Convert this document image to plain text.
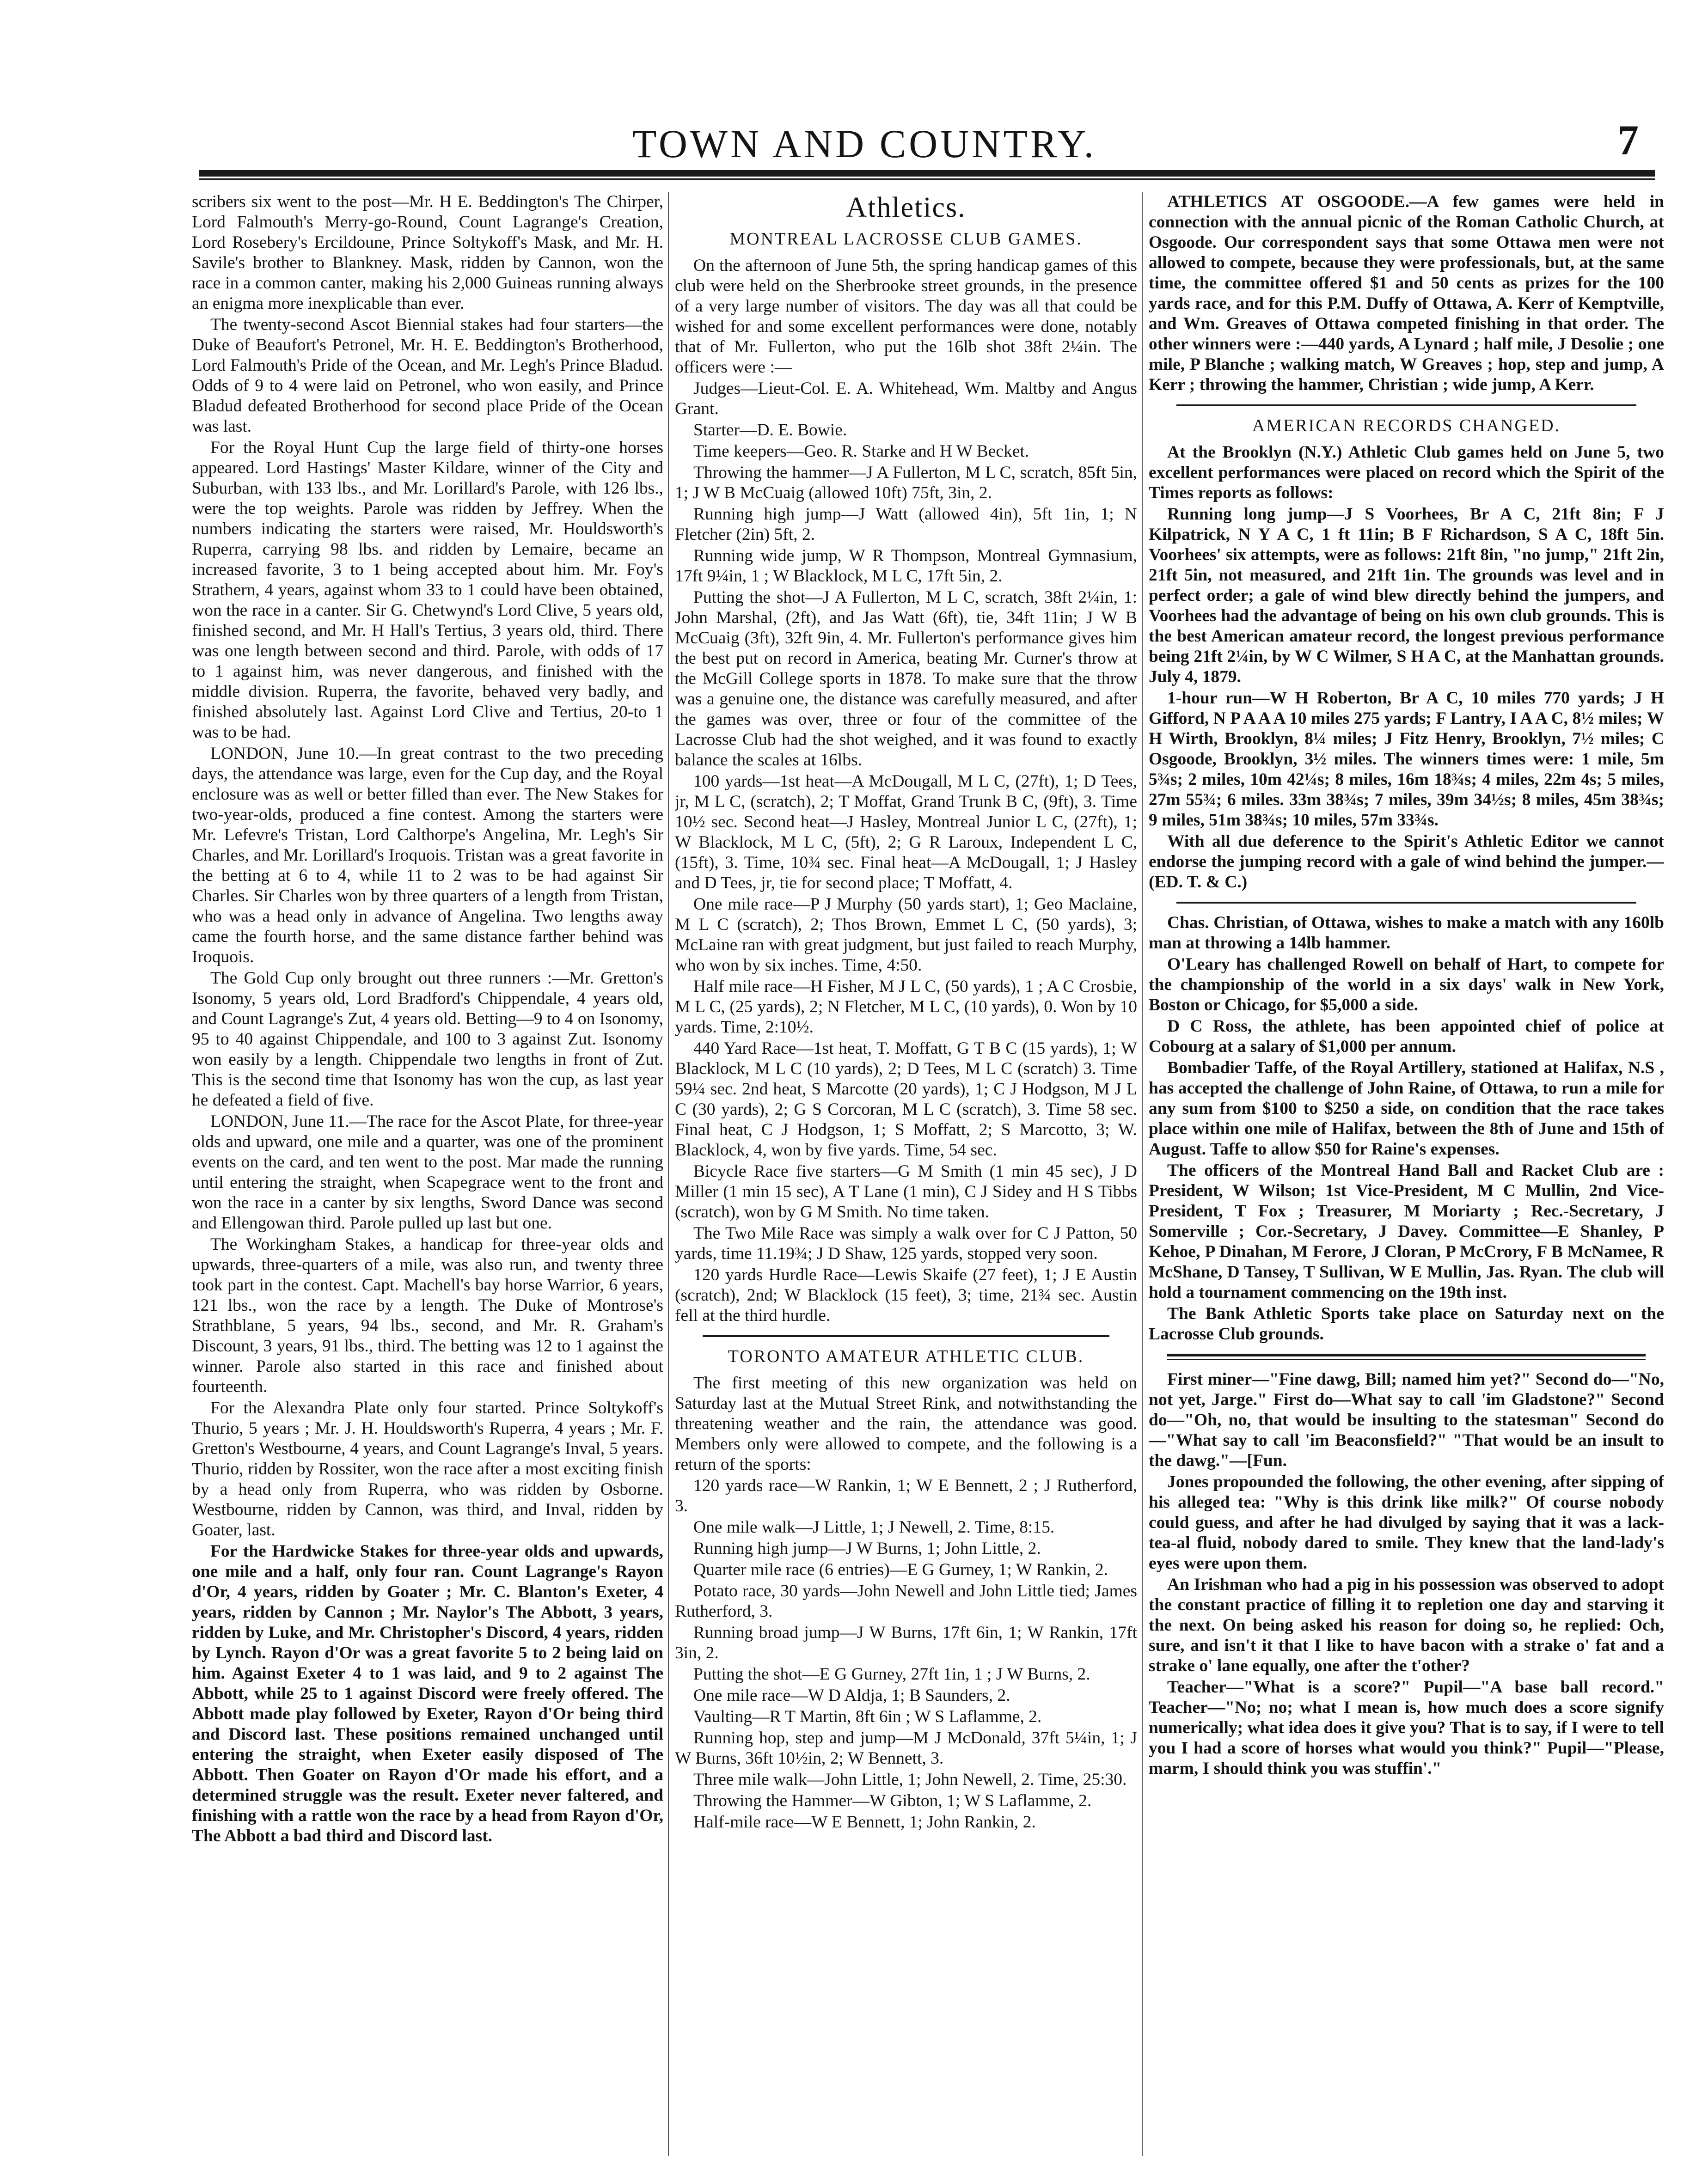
TOWN AND COUNTRY.	7

scribers six went to the post—Mr. H E. Beddington's The Chirper, Lord Falmouth's Merry-go-Round, Count Lagrange's Creation, Lord Rosebery's Ercildoune, Prince Soltykoff's Mask, and Mr. H. Savile's brother to Blankney. Mask, ridden by Cannon, won the race in a common canter, making his 2,000 Guineas running always an enigma more inexplicable than ever.

The twenty-second Ascot Biennial stakes had four starters—the Duke of Beaufort's Petronel, Mr. H. E. Beddington's Brotherhood, Lord Falmouth's Pride of the Ocean, and Mr. Legh's Prince Bladud. Odds of 9 to 4 were laid on Petronel, who won easily, and Prince Bladud defeated Brotherhood for second place Pride of the Ocean was last.

For the Royal Hunt Cup the large field of thirty-one horses appeared. Lord Hastings' Master Kildare, winner of the City and Suburban, with 133 lbs., and Mr. Lorillard's Parole, with 126 lbs., were the top weights. Parole was ridden by Jeffrey. When the numbers indicating the starters were raised, Mr. Houldsworth's Ruperra, carrying 98 lbs. and ridden by Lemaire, became an increased favorite, 3 to 1 being accepted about him. Mr. Foy's Strathern, 4 years, against whom 33 to 1 could have been obtained, won the race in a canter. Sir G. Chetwynd's Lord Clive, 5 years old, finished second, and Mr. H Hall's Tertius, 3 years old, third. There was one length between second and third. Parole, with odds of 17 to 1 against him, was never dangerous, and finished with the middle division. Ruperra, the favorite, behaved very badly, and finished absolutely last. Against Lord Clive and Tertius, 20-to 1 was to be had.

LONDON, June 10.—In great contrast to the two preceding days, the attendance was large, even for the Cup day, and the Royal enclosure was as well or better filled than ever. The New Stakes for two-year-olds, produced a fine contest. Among the starters were Mr. Lefevre's Tristan, Lord Calthorpe's Angelina, Mr. Legh's Sir Charles, and Mr. Lorillard's Iroquois. Tristan was a great favorite in the betting at 6 to 4, while 11 to 2 was to be had against Sir Charles. Sir Charles won by three quarters of a length from Tristan, who was a head only in advance of Angelina. Two lengths away came the fourth horse, and the same distance farther behind was Iroquois.

The Gold Cup only brought out three runners :—Mr. Gretton's Isonomy, 5 years old, Lord Bradford's Chippendale, 4 years old, and Count Lagrange's Zut, 4 years old. Betting—9 to 4 on Isonomy, 95 to 40 against Chippendale, and 100 to 3 against Zut. Isonomy won easily by a length. Chippendale two lengths in front of Zut. This is the second time that Isonomy has won the cup, as last year he defeated a field of five.

LONDON, June 11.—The race for the Ascot Plate, for three-year olds and upward, one mile and a quarter, was one of the prominent events on the card, and ten went to the post. Mar made the running until entering the straight, when Scapegrace went to the front and won the race in a canter by six lengths, Sword Dance was second and Ellengowan third. Parole pulled up last but one.

The Workingham Stakes, a handicap for three-year olds and upwards, three-quarters of a mile, was also run, and twenty three took part in the contest. Capt. Machell's bay horse Warrior, 6 years, 121 lbs., won the race by a length. The Duke of Montrose's Strathblane, 5 years, 94 lbs., second, and Mr. R. Graham's Discount, 3 years, 91 lbs., third. The betting was 12 to 1 against the winner. Parole also started in this race and finished about fourteenth.

For the Alexandra Plate only four started. Prince Soltykoff's Thurio, 5 years ; Mr. J. H. Houldsworth's Ruperra, 4 years ; Mr. F. Gretton's Westbourne, 4 years, and Count Lagrange's Inval, 5 years. Thurio, ridden by Rossiter, won the race after a most exciting finish by a head only from Ruperra, who was ridden by Osborne. Westbourne, ridden by Cannon, was third, and Inval, ridden by Goater, last.

For the Hardwicke Stakes for three-year olds and upwards, one mile and a half, only four ran. Count Lagrange's Rayon d'Or, 4 years, ridden by Goater ; Mr. C. Blanton's Exeter, 4 years, ridden by Cannon ; Mr. Naylor's The Abbott, 3 years, ridden by Luke, and Mr. Christopher's Discord, 4 years, ridden by Lynch. Rayon d'Or was a great favorite 5 to 2 being laid on him. Against Exeter 4 to 1 was laid, and 9 to 2 against The Abbott, while 25 to 1 against Discord were freely offered. The Abbott made play followed by Exeter, Rayon d'Or being third and Discord last. These positions remained unchanged until entering the straight, when Exeter easily disposed of The Abbott. Then Goater on Rayon d'Or made his effort, and a determined struggle was the result. Exeter never faltered, and finishing with a rattle won the race by a head from Rayon d'Or, The Abbott a bad third and Discord last.

Athletics.
MONTREAL LACROSSE CLUB GAMES.

On the afternoon of June 5th, the spring handicap games of this club were held on the Sherbrooke street grounds, in the presence of a very large number of visitors. The day was all that could be wished for and some excellent performances were done, notably that of Mr. Fullerton, who put the 16lb shot 38ft 2¼in. The officers were :—

Judges—Lieut-Col. E. A. Whitehead, Wm. Maltby and Angus Grant.

Starter—D. E. Bowie.

Time keepers—Geo. R. Starke and H W Becket.

Throwing the hammer—J A Fullerton, M L C, scratch, 85ft 5in, 1; J W B McCuaig (allowed 10ft) 75ft, 3in, 2.

Running high jump—J Watt (allowed 4in), 5ft 1in, 1; N Fletcher (2in) 5ft, 2.

Running wide jump, W R Thompson, Montreal Gymnasium, 17ft 9¼in, 1 ; W Blacklock, M L C, 17ft 5in, 2.

Putting the shot—J A Fullerton, M L C, scratch, 38ft 2¼in, 1: John Marshal, (2ft), and Jas Watt (6ft), tie, 34ft 11in; J W B McCuaig (3ft), 32ft 9in, 4. Mr. Fullerton's performance gives him the best put on record in America, beating Mr. Curner's throw at the McGill College sports in 1878. To make sure that the throw was a genuine one, the distance was carefully measured, and after the games was over, three or four of the committee of the Lacrosse Club had the shot weighed, and it was found to exactly balance the scales at 16lbs.

100 yards—1st heat—A McDougall, M L C, (27ft), 1; D Tees, jr, M L C, (scratch), 2; T Moffat, Grand Trunk B C, (9ft), 3. Time 10½ sec. Second heat—J Hasley, Montreal Junior L C, (27ft), 1; W Blacklock, M L C, (5ft), 2; G R Laroux, Independent L C, (15ft), 3. Time, 10¾ sec. Final heat—A McDougall, 1; J Hasley and D Tees, jr, tie for second place; T Moffatt, 4.

One mile race—P J Murphy (50 yards start), 1; Geo Maclaine, M L C (scratch), 2; Thos Brown, Emmet L C, (50 yards), 3; McLaine ran with great judgment, but just failed to reach Murphy, who won by six inches. Time, 4:50.

Half mile race—H Fisher, M J L C, (50 yards), 1 ; A C Crosbie, M L C, (25 yards), 2; N Fletcher, M L C, (10 yards), 0. Won by 10 yards. Time, 2:10½.

440 Yard Race—1st heat, T. Moffatt, G T B C (15 yards), 1; W Blacklock, M L C (10 yards), 2; D Tees, M L C (scratch) 3. Time 59¼ sec. 2nd heat, S Marcotte (20 yards), 1; C J Hodgson, M J L C (30 yards), 2; G S Corcoran, M L C (scratch), 3. Time 58 sec. Final heat, C J Hodgson, 1; S Moffatt, 2; S Marcotto, 3; W. Blacklock, 4, won by five yards. Time, 54 sec.

Bicycle Race five starters—G M Smith (1 min 45 sec), J D Miller (1 min 15 sec), A T Lane (1 min), C J Sidey and H S Tibbs (scratch), won by G M Smith. No time taken.

The Two Mile Race was simply a walk over for C J Patton, 50 yards, time 11.19¾; J D Shaw, 125 yards, stopped very soon.

120 yards Hurdle Race—Lewis Skaife (27 feet), 1; J E Austin (scratch), 2nd; W Blacklock (15 feet), 3; time, 21¾ sec. Austin fell at the third hurdle.

TORONTO AMATEUR ATHLETIC CLUB.

The first meeting of this new organization was held on Saturday last at the Mutual Street Rink, and notwithstanding the threatening weather and the rain, the attendance was good. Members only were allowed to compete, and the following is a return of the sports:

120 yards race—W Rankin, 1; W E Bennett, 2 ; J Rutherford, 3.

One mile walk—J Little, 1; J Newell, 2. Time, 8:15.

Running high jump—J W Burns, 1; John Little, 2.

Quarter mile race (6 entries)—E G Gurney, 1; W Rankin, 2.

Potato race, 30 yards—John Newell and John Little tied; James Rutherford, 3.

Running broad jump—J W Burns, 17ft 6in, 1; W Rankin, 17ft 3in, 2.

Putting the shot—E G Gurney, 27ft 1in, 1 ; J W Burns, 2.

One mile race—W D Aldja, 1; B Saunders, 2.

Vaulting—R T Martin, 8ft 6in ; W S Laflamme, 2.

Running hop, step and jump—M J McDonald, 37ft 5¼in, 1; J W Burns, 36ft 10½in, 2; W Bennett, 3.

Three mile walk—John Little, 1; John Newell, 2. Time, 25:30.

Throwing the Hammer—W Gibton, 1; W S Laflamme, 2.

Half-mile race—W E Bennett, 1; John Rankin, 2.

ATHLETICS AT OSGOODE.—A few games were held in connection with the annual picnic of the Roman Catholic Church, at Osgoode. Our correspondent says that some Ottawa men were not allowed to compete, because they were professionals, but, at the same time, the committee offered $1 and 50 cents as prizes for the 100 yards race, and for this P.M. Duffy of Ottawa, A. Kerr of Kemptville, and Wm. Greaves of Ottawa competed finishing in that order. The other winners were :—440 yards, A Lynard ; half mile, J Desolie ; one mile, P Blanche ; walking match, W Greaves ; hop, step and jump, A Kerr ; throwing the hammer, Christian ; wide jump, A Kerr.

AMERICAN RECORDS CHANGED.

At the Brooklyn (N.Y.) Athletic Club games held on June 5, two excellent performances were placed on record which the Spirit of the Times reports as follows:

Running long jump—J S Voorhees, Br A C, 21ft 8in; F J Kilpatrick, N Y A C, 1 ft 11in; B F Richardson, S A C, 18ft 5in. Voorhees' six attempts, were as follows: 21ft 8in, "no jump," 21ft 2in, 21ft 5in, not measured, and 21ft 1in. The grounds was level and in perfect order; a gale of wind blew directly behind the jumpers, and Voorhees had the advantage of being on his own club grounds. This is the best American amateur record, the longest previous performance being 21ft 2¼in, by W C Wilmer, S H A C, at the Manhattan grounds. July 4, 1879.

1-hour run—W H Roberton, Br A C, 10 miles 770 yards; J H Gifford, N P A A A 10 miles 275 yards; F Lantry, I A A C, 8½ miles; W H Wirth, Brooklyn, 8¼ miles; J Fitz Henry, Brooklyn, 7½ miles; C Osgoode, Brooklyn, 3½ miles. The winners times were: 1 mile, 5m 5¾s; 2 miles, 10m 42¼s; 8 miles, 16m 18¾s; 4 miles, 22m 4s; 5 miles, 27m 55¾; 6 miles. 33m 38¾s; 7 miles, 39m 34½s; 8 miles, 45m 38¾s; 9 miles, 51m 38¾s; 10 miles, 57m 33¾s.

With all due deference to the Spirit's Athletic Editor we cannot endorse the jumping record with a gale of wind behind the jumper.—(ED. T. & C.)

Chas. Christian, of Ottawa, wishes to make a match with any 160lb man at throwing a 14lb hammer.

O'Leary has challenged Rowell on behalf of Hart, to compete for the championship of the world in a six days' walk in New York, Boston or Chicago, for $5,000 a side.

D C Ross, the athlete, has been appointed chief of police at Cobourg at a salary of $1,000 per annum.

Bombadier Taffe, of the Royal Artillery, stationed at Halifax, N.S , has accepted the challenge of John Raine, of Ottawa, to run a mile for any sum from $100 to $250 a side, on condition that the race takes place within one mile of Halifax, between the 8th of June and 15th of August. Taffe to allow $50 for Raine's expenses.

The officers of the Montreal Hand Ball and Racket Club are : President, W Wilson; 1st Vice-President, M C Mullin, 2nd Vice-President, T Fox ; Treasurer, M Moriarty ; Rec.-Secretary, J Somerville ; Cor.-Secretary, J Davey. Committee—E Shanley, P Kehoe, P Dinahan, M Ferore, J Cloran, P McCrory, F B McNamee, R McShane, D Tansey, T Sullivan, W E Mullin, Jas. Ryan. The club will hold a tournament commencing on the 19th inst.

The Bank Athletic Sports take place on Saturday next on the Lacrosse Club grounds.

First miner—"Fine dawg, Bill; named him yet?" Second do—"No, not yet, Jarge." First do—What say to call 'im Gladstone?" Second do—"Oh, no, that would be insulting to the statesman" Second do —"What say to call 'im Beaconsfield?" "That would be an insult to the dawg."—[Fun.

Jones propounded the following, the other evening, after sipping of his alleged tea: "Why is this drink like milk?" Of course nobody could guess, and after he had divulged by saying that it was a lack-tea-al fluid, nobody dared to smile. They knew that the land-lady's eyes were upon them.

An Irishman who had a pig in his possession was observed to adopt the constant practice of filling it to repletion one day and starving it the next. On being asked his reason for doing so, he replied: Och, sure, and isn't it that I like to have bacon with a strake o' fat and a strake o' lane equally, one after the t'other?

Teacher—"What is a score?" Pupil—"A base ball record." Teacher—"No; no; what I mean is, how much does a score signify numerically; what idea does it give you? That is to say, if I were to tell you I had a score of horses what would you think?" Pupil—"Please, marm, I should think you was stuffin'."
